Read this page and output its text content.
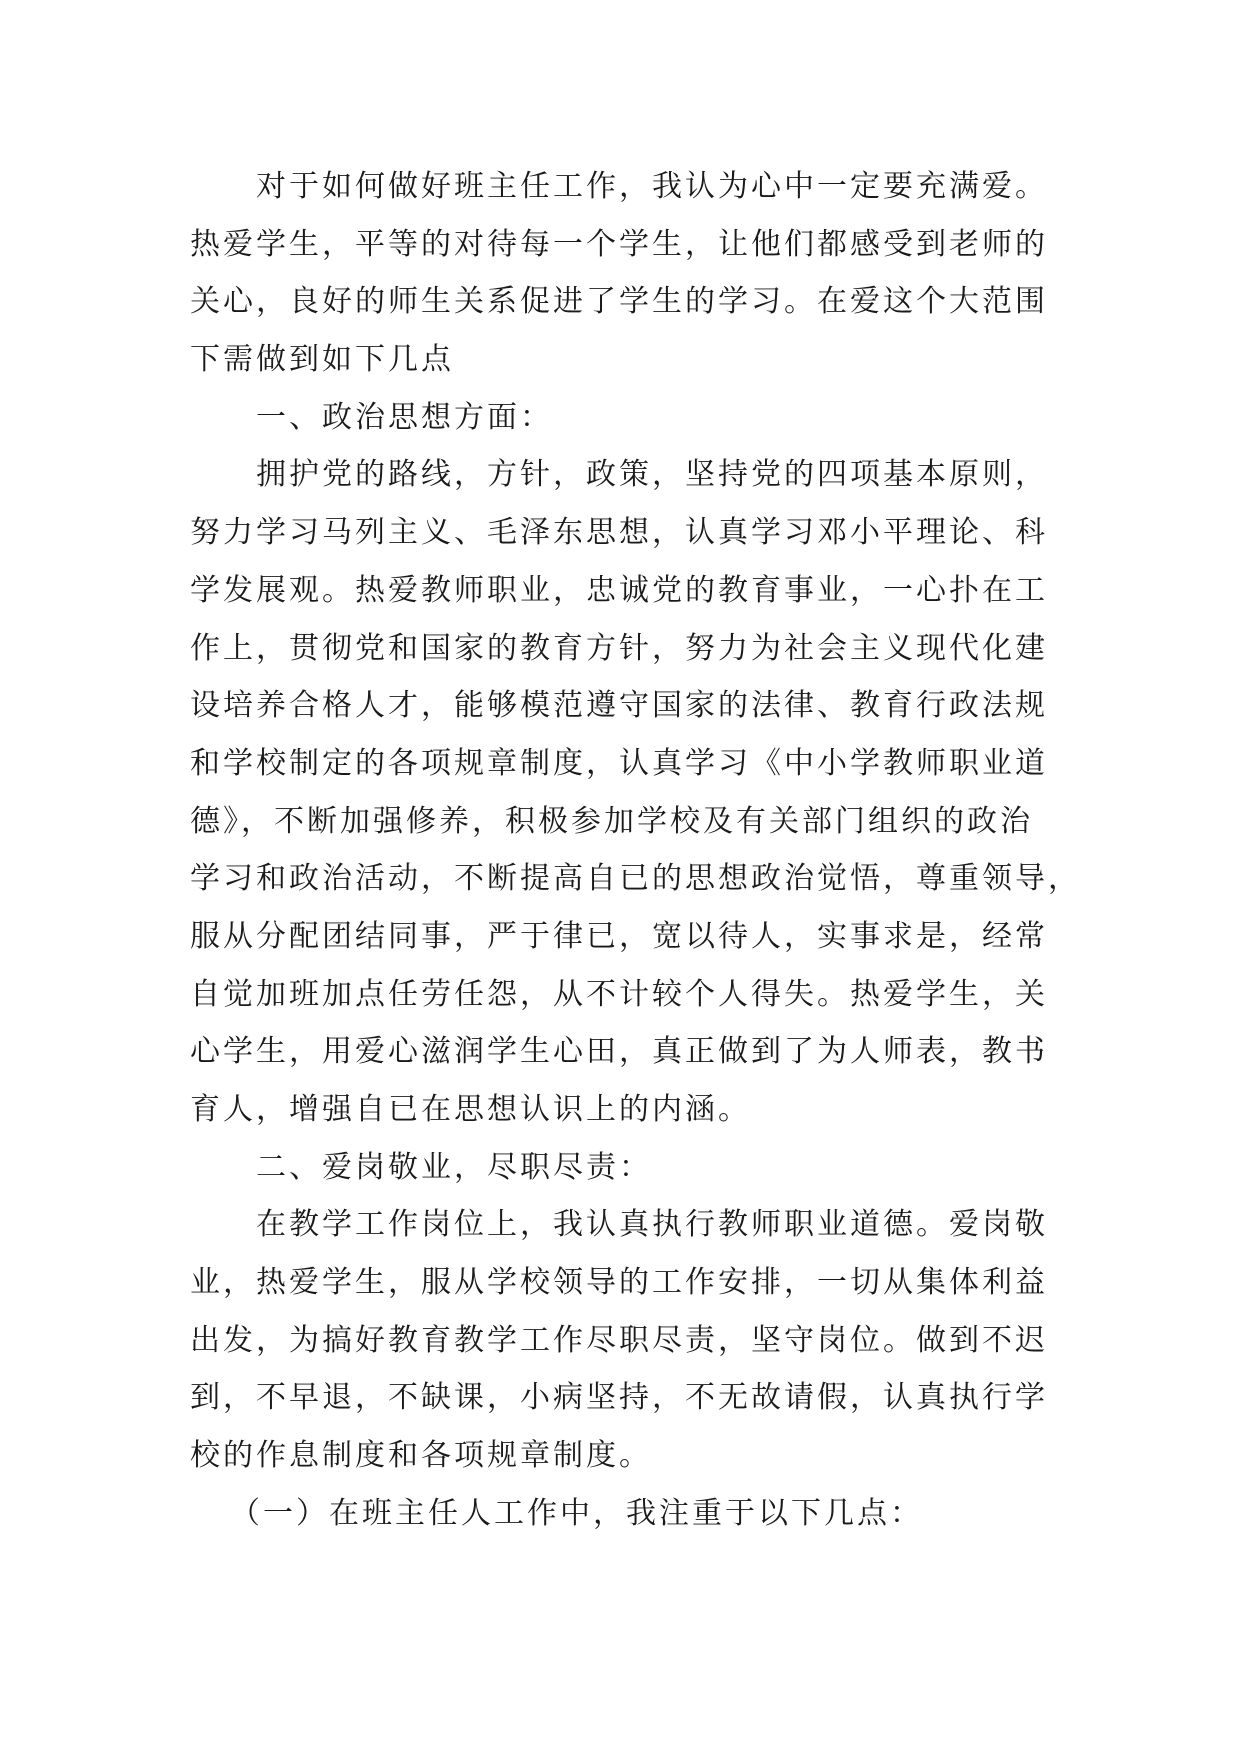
对于如何做好班主任工作，我认为心中一定要充满爱。
热爱学生，平等的对待每一个学生，让他们都感受到老师的
关心，良好的师生关系促进了学生的学习。在爱这个大范围
下需做到如下几点
一、政治思想方面：
拥护党的路线，方针，政策，坚持党的四项基本原则，
努力学习马列主义、毛泽东思想，认真学习邓小平理论、科
学发展观。热爱教师职业，忠诚党的教育事业，一心扑在工
作上，贯彻党和国家的教育方针，努力为社会主义现代化建
设培养合格人才，能够模范遵守国家的法律、教育行政法规
和学校制定的各项规章制度，认真学习《中小学教师职业道
德》，不断加强修养，积极参加学校及有关部门组织的政治
学习和政治活动，不断提高自已的思想政治觉悟，尊重领导，
服从分配团结同事，严于律已，宽以待人，实事求是，经常
自觉加班加点任劳任怨，从不计较个人得失。热爱学生，关
心学生，用爱心滋润学生心田，真正做到了为人师表，教书
育人，增强自已在思想认识上的内涵。
二、爱岗敬业，尽职尽责：
在教学工作岗位上，我认真执行教师职业道德。爱岗敬
业，热爱学生，服从学校领导的工作安排，一切从集体利益
出发，为搞好教育教学工作尽职尽责，坚守岗位。做到不迟
到，不早退，不缺课，小病坚持，不无故请假，认真执行学
校的作息制度和各项规章制度。
（一）在班主任人工作中，我注重于以下几点：
